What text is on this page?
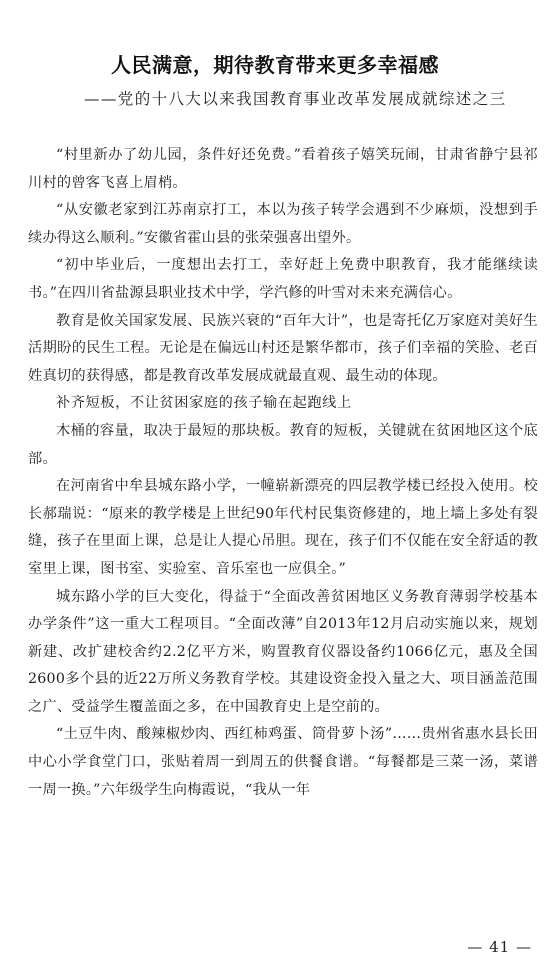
人民满意，期待教育带来更多幸福感
——党的十八大以来我国教育事业改革发展成就综述之三

“村里新办了幼儿园，条件好还免费。”看着孩子嬉笑玩闹，甘肃省静宁县祁川村的曾客飞喜上眉梢。

“从安徽老家到江苏南京打工，本以为孩子转学会遇到不少麻烦，没想到手续办得这么顺利。”安徽省霍山县的张荣强喜出望外。

“初中毕业后，一度想出去打工，幸好赶上免费中职教育，我才能继续读书。”在四川省盐源县职业技术中学，学汽修的叶雪对未来充满信心。

教育是攸关国家发展、民族兴衰的“百年大计”，也是寄托亿万家庭对美好生活期盼的民生工程。无论是在偏远山村还是繁华都市，孩子们幸福的笑脸、老百姓真切的获得感，都是教育改革发展成就最直观、最生动的体现。

补齐短板，不让贫困家庭的孩子输在起跑线上

木桶的容量，取决于最短的那块板。教育的短板，关键就在贫困地区这个底部。

在河南省中牟县城东路小学，一幢崭新漂亮的四层教学楼已经投入使用。校长郝瑞说：“原来的教学楼是上世纪90年代村民集资修建的，地上墙上多处有裂缝，孩子在里面上课，总是让人提心吊胆。现在，孩子们不仅能在安全舒适的教室里上课，图书室、实验室、音乐室也一应俱全。”

城东路小学的巨大变化，得益于“全面改善贫困地区义务教育薄弱学校基本办学条件”这一重大工程项目。“全面改薄”自2013年12月启动实施以来，规划新建、改扩建校舍约2.2亿平方米，购置教育仪器设备约1066亿元，惠及全国2600多个县的近22万所义务教育学校。其建设资金投入量之大、项目涵盖范围之广、受益学生覆盖面之多，在中国教育史上是空前的。

“土豆牛肉、酸辣椒炒肉、西红柿鸡蛋、筒骨萝卜汤”……贵州省惠水县长田中心小学食堂门口，张贴着周一到周五的供餐食谱。“每餐都是三菜一汤，菜谱一周一换。”六年级学生向梅霞说，“我从一年

— 41 —
